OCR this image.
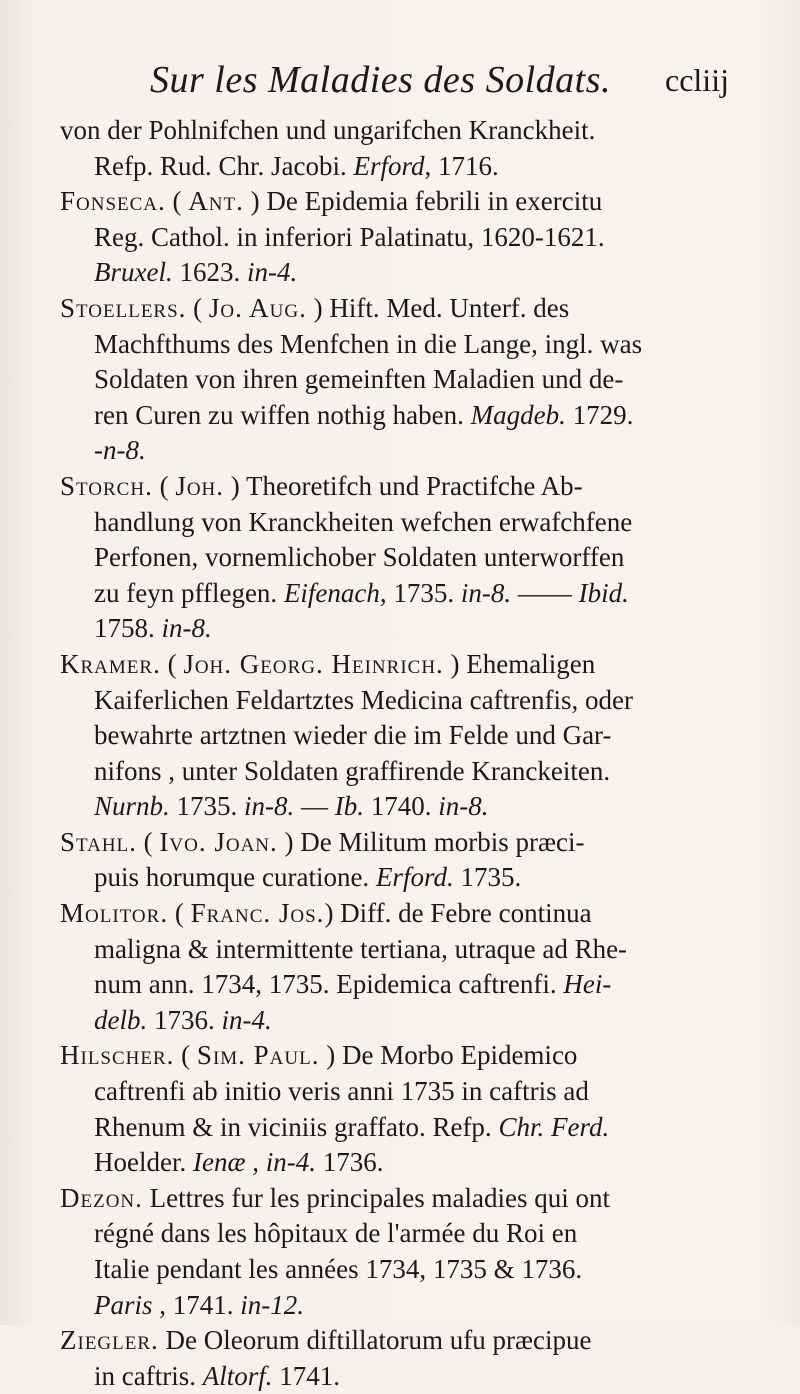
Sur les Maladies des Soldats. ccliij
von der Pohlnifchen und ungarifchen Kranckheit.
Refp. Rud. Chr. Jacobi. Erford, 1716.
Fonseca. ( Ant. ) De Epidemia febrili in exercitu
Reg. Cathol. in inferiori Palatinatu, 1620-1621.
Bruxel. 1623. in-4.
Stoellers. ( Jo. Aug. ) Hift. Med. Unterf. des
Machfthums des Menfchen in die Lange, ingl. was
Soldaten von ihren gemeinften Maladien und de-
ren Curen zu wiffen nothig haben. Magdeb. 1729.
-n-8.
Storch. ( Joh. ) Theoretifch und Practifche Ab-
handlung von Kranckheiten wefchen erwafchfene
Perfonen, vornemlichober Soldaten unterworffen
zu feyn pfflegen. Eifenach, 1735. in-8. —— Ibid.
1758. in-8.
Kramer. ( Joh. Georg. Heinrich. ) Ehemaligen
Kaiferlichen Feldartztes Medicina caftrenfis, oder
bewahrte artztnen wieder die im Felde und Gar-
nifons , unter Soldaten graffirende Kranckeiten.
Nurnb. 1735. in-8. — Ib. 1740. in-8.
Stahl. ( Ivo. Joan. ) De Militum morbis præci-
puis horumque curatione. Erford. 1735.
Molitor. ( Franc. Jos.) Diff. de Febre continua
maligna & intermittente tertiana, utraque ad Rhe-
num ann. 1734, 1735. Epidemica caftrenfi. Hei-
delb. 1736. in-4.
Hilscher. ( Sim. Paul. ) De Morbo Epidemico
caftrenfi ab initio veris anni 1735 in caftris ad
Rhenum & in viciniis graffato. Refp. Chr. Ferd.
Hoelder. Ienæ , in-4. 1736.
Dezon. Lettres fur les principales maladies qui ont
régné dans les hôpitaux de l'armée du Roi en
Italie pendant les années 1734, 1735 & 1736.
Paris , 1741. in-12.
Ziegler. De Oleorum diftillatorum ufu præcipue
in caftris. Altorf. 1741.
